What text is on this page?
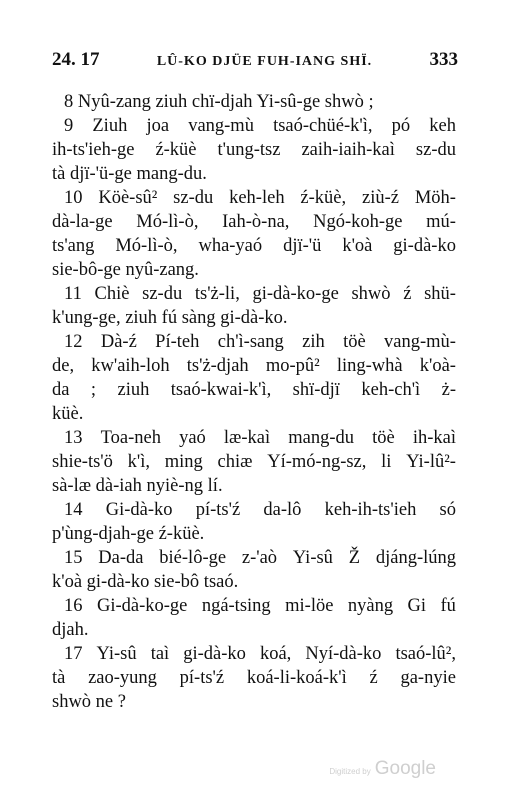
24. 17	LÛ-KO DJÜE FUH-IANG SHÏ.	333
8 Nyû-zang ziuh chï-djah Yi-sû-ge shwò ;
9 Ziuh joa vang-mù tsaó-chüé-k'ì, pó keh
ih-ts'ieh-ge ź-küè t'ung-tsz zaih-iaih-kaì sz-du
tà djï-'ü-ge mang-du.
10 Köè-sû² sz-du keh-leh ź-küè, ziù-ź Möh-
dà-la-ge Mó-lì-ò, Iah-ò-na, Ngó-koh-ge mú-
ts'ang Mó-lì-ò, wha-yaó djï-'ü k'oà gi-dà-ko
sie-bô-ge nyû-zang.
11 Chiè sz-du ts'ż-li, gi-dà-ko-ge shwò ź shü-
k'ung-ge, ziuh fú sàng gi-dà-ko.
12 Dà-ź Pí-teh ch'ì-sang zih töè vang-mù-
de, kw'aih-loh ts'ż-djah mo-pû² ling-whà k'oà-
da ; ziuh tsaó-kwai-k'ì, shï-djï keh-ch'ì ż-
küè.
13 Toa-neh yaó læ-kaì mang-du töè ih-kaì
shie-ts'ö k'ì, ming chiæ Yí-mó-ng-sz, li Yi-lû²-
sà-læ dà-iah nyiè-ng lí.
14 Gi-dà-ko pí-ts'ź da-lô keh-ih-ts'ieh só
p'ùng-djah-ge ź-küè.
15 Da-da bié-lô-ge z-'aò Yi-sû Ž djáng-lúng
k'oà gi-dà-ko sie-bô tsaó.
16 Gi-dà-ko-ge ngá-tsing mi-löe nyàng Gi fú
djah.
17 Yi-sû taì gi-dà-ko koá, Nyí-dà-ko tsaó-lû²,
tà zao-yung pí-ts'ź koá-li-koá-k'ì ź ga-nyie
shwò ne ?
Digitized by Google
